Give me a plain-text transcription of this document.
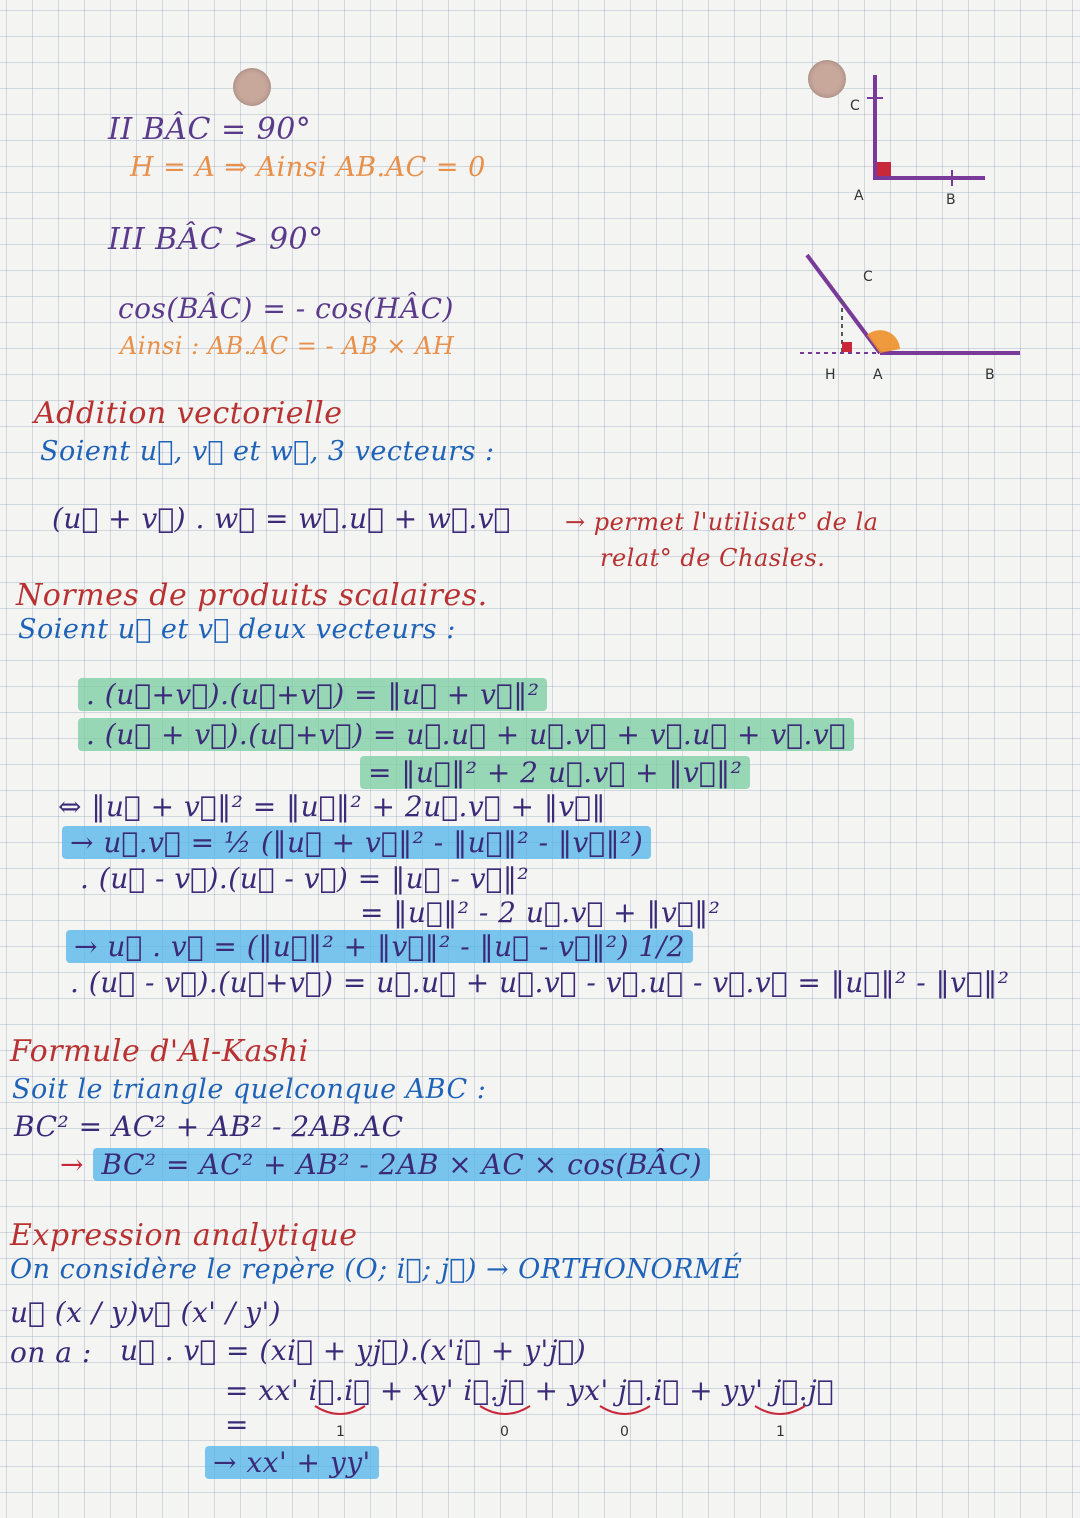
II BÂC = 90°
H = A ⇒ Ainsi AB.AC = 0
III BÂC > 90°
cos(BÂC) = - cos(HÂC)
Ainsi : AB.AC = - AB × AH
C
A	B
C
H	A	B
Addition vectorielle
Soient u⃗, v⃗ et w⃗, 3 vecteurs :
(u⃗ + v⃗) . w⃗ = w⃗.u⃗ + w⃗.v⃗ → permet l'utilisat° de la
relat° de Chasles.
Normes de produits scalaires.
Soient u⃗ et v⃗ deux vecteurs :
. (u⃗+v⃗).(u⃗+v⃗) = ‖u⃗ + v⃗‖²
. (u⃗ + v⃗).(u⃗+v⃗) = u⃗.u⃗ + u⃗.v⃗ + v⃗.u⃗ + v⃗.v⃗
= ‖u⃗‖² + 2 u⃗.v⃗ + ‖v⃗‖²
⇔ ‖u⃗ + v⃗‖² = ‖u⃗‖² + 2u⃗.v⃗ + ‖v⃗‖
→ u⃗.v⃗ = ½ (‖u⃗ + v⃗‖² - ‖u⃗‖² - ‖v⃗‖²)
. (u⃗ - v⃗).(u⃗ - v⃗) = ‖u⃗ - v⃗‖²
= ‖u⃗‖² - 2 u⃗.v⃗ + ‖v⃗‖²
→ u⃗ . v⃗ = (‖u⃗‖² + ‖v⃗‖² - ‖u⃗ - v⃗‖²) 1/2
. (u⃗ - v⃗).(u⃗+v⃗) = u⃗.u⃗ + u⃗.v⃗ - v⃗.u⃗ - v⃗.v⃗ = ‖u⃗‖² - ‖v⃗‖²
Formule d'Al-Kashi
Soit le triangle quelconque ABC :
BC² = AC² + AB² - 2AB.AC
→ BC² = AC² + AB² - 2AB × AC × cos(BÂC)
Expression analytique
On considère le repère (O; i⃗; j⃗) → ORTHONORMÉ
u⃗ (x / y) v⃗ (x' / y')
on a : u⃗ . v⃗ = (xi⃗ + yj⃗).(x'i⃗ + y'j⃗)
= xx' i⃗.i⃗ + xy' i⃗.j⃗ + yx' j⃗.i⃗ + yy' j⃗.j⃗
1	0	0	1
=
→ xx' + yy'
